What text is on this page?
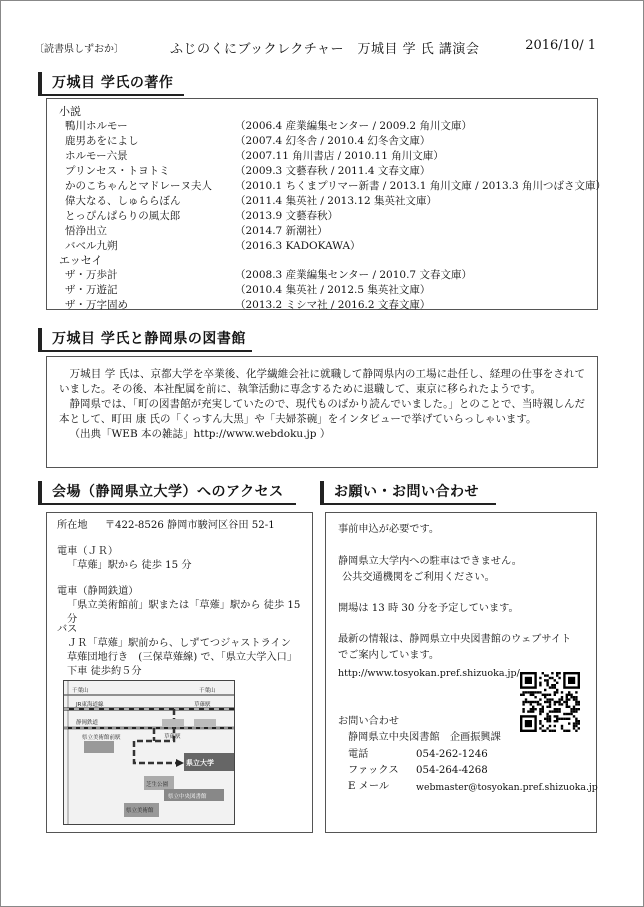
〔読書県しずおか〕	ふじのくにブックレクチャー　万城目 学 氏 講演会	2016/10/ 1
万城目 学氏の著作
小説
鴨川ホルモー	（2006.4 産業編集センター / 2009.2 角川文庫）
鹿男あをによし	（2007.4 幻冬舎 / 2010.4 幻冬舎文庫）
ホルモー六景	（2007.11 角川書店 / 2010.11 角川文庫）
プリンセス・トヨトミ	（2009.3 文藝春秋 / 2011.4 文春文庫）
かのこちゃんとマドレーヌ夫人 （2010.1 ちくまプリマー新書 / 2013.1 角川文庫 / 2013.3 角川つばさ文庫）
偉大なる、しゅららぼん	（2011.4 集英社 / 2013.12 集英社文庫）
とっぴんぱらりの風太郎	（2013.9 文藝春秋）
悟浄出立	（2014.7 新潮社）
バベル九朔	（2016.3 KADOKAWA）
エッセイ
ザ・万歩計	（2008.3 産業編集センター / 2010.7 文春文庫）
ザ・万遊記	（2010.4 集英社 / 2012.5 集英社文庫）
ザ・万字固め	（2013.2 ミシマ社 / 2016.2 文春文庫）
万城目 学氏と静岡県の図書館

万城目 学 氏は、京都大学を卒業後、化学繊維会社に就職して静岡県内の工場に赴任し、経理の仕事をされていました。その後、本社配属を前に、執筆活動に専念するために退職して、東京に移られたようです。

静岡県では、「町の図書館が充実していたので、現代ものばかり読んでいました。」とのことで、当時親しんだ本として、町田 康 氏の「くっすん大黒」や「夫婦茶碗」をインタビューで挙げていらっしゃいます。

（出典「WEB 本の雑誌」http://www.webdoku.jp ）

会場（静岡県立大学）へのアクセス
所在地 〒422-8526 静岡市駿河区谷田 52-1
電車（ＪＲ）
「草薙」駅から 徒歩 15 分
電車（静岡鉄道）
「県立美術館前」駅または「草薙」駅から 徒歩 15 分
バス
ＪＲ「草薙」駅前から、しずてつジャストライン
草薙団地行き　(三保草薙線) で、「県立大学入口」
下車 徒歩約５分
千葉山	千葉山
JR東海道線	草薙駅
静岡鉄道
草薙駅
県立美術館前駅
県立大学
芝生公園
県立中央図書館
県立美術館
お願い・お問い合わせ
事前申込が必要です。
静岡県立大学内への駐車はできません。
公共交通機関をご利用ください。
開場は 13 時 30 分を予定しています。
最新の情報は、静岡県立中央図書館のウェブサイト
でご案内しています。
http://www.tosyokan.pref.shizuoka.jp/
お問い合わせ
静岡県立中央図書館　企画振興課
電話	054-262-1246
ファックス	054-264-4268
E メール	webmaster@tosyokan.pref.shizuoka.jp
